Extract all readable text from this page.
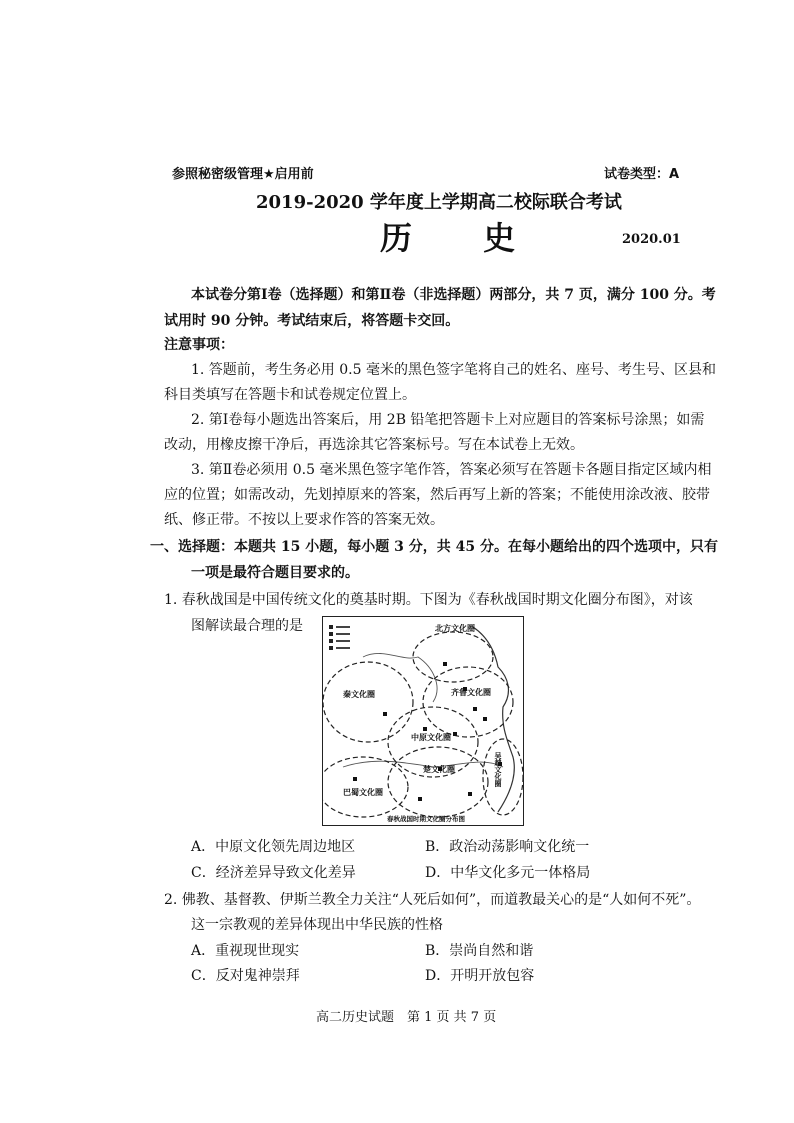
参照秘密级管理★启用前	试卷类型：A
2019-2020 学年度上学期高二校际联合考试
历 史	2020.01
本试卷分第Ⅰ卷（选择题）和第Ⅱ卷（非选择题）两部分，共 7 页，满分 100 分。考
试用时 90 分钟。考试结束后，将答题卡交回。
注意事项：
1. 答题前，考生务必用 0.5 毫米的黑色签字笔将自己的姓名、座号、考生号、区县和
科目类填写在答题卡和试卷规定位置上。
2. 第Ⅰ卷每小题选出答案后，用 2B 铅笔把答题卡上对应题目的答案标号涂黑；如需
改动，用橡皮擦干净后，再选涂其它答案标号。写在本试卷上无效。
3. 第Ⅱ卷必须用 0.5 毫米黑色签字笔作答，答案必须写在答题卡各题目指定区域内相
应的位置；如需改动，先划掉原来的答案，然后再写上新的答案；不能使用涂改液、胶带
纸、修正带。不按以上要求作答的答案无效。
一、选择题：本题共 15 小题，每小题 3 分，共 45 分。在每小题给出的四个选项中，只有
一项是最符合题目要求的。
1. 春秋战国是中国传统文化的奠基时期。下图为《春秋战国时期文化圈分布图》，对该
图解读最合理的是	北方文化圈
秦文化圈	齐鲁文化圈
中原文化圈
楚文化圈
巴蜀文化圈
吴越文化圈
春秋战国时期文化圈分布图
A．中原文化领先周边地区	B．政治动荡影响文化统一
C．经济差异导致文化差异	D．中华文化多元一体格局
2. 佛教、基督教、伊斯兰教全力关注“人死后如何”，而道教最关心的是“人如何不死”。
这一宗教观的差异体现出中华民族的性格
A．重视现世现实	B．崇尚自然和谐
C．反对鬼神崇拜	D．开明开放包容
高二历史试题　第 1 页 共 7 页
